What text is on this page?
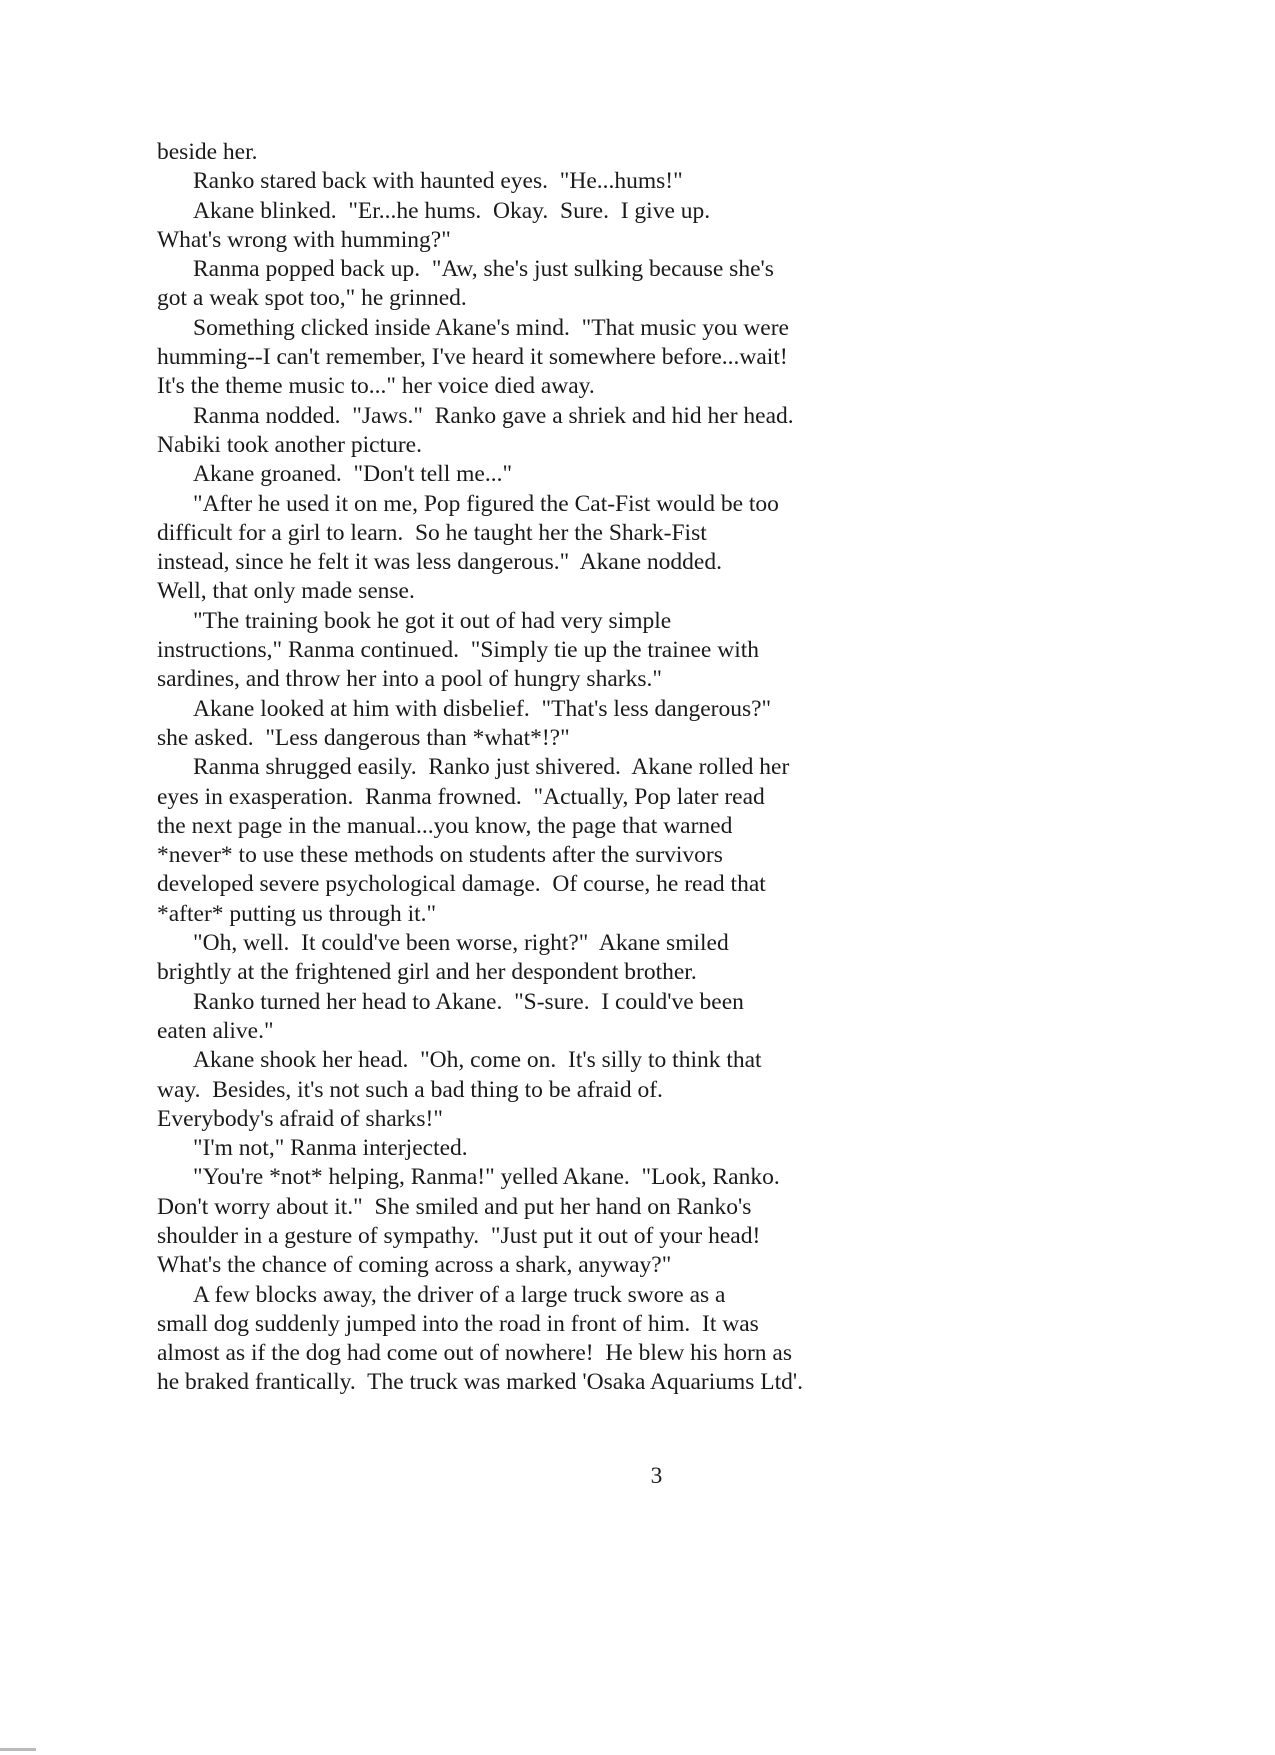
beside her.
Ranko stared back with haunted eyes.  "He...hums!"
Akane blinked.  "Er...he hums.  Okay.  Sure.  I give up.
What's wrong with humming?"
Ranma popped back up.  "Aw, she's just sulking because she's
got a weak spot too," he grinned.
Something clicked inside Akane's mind.  "That music you were
humming--I can't remember, I've heard it somewhere before...wait!
It's the theme music to..." her voice died away.
Ranma nodded.  "Jaws."  Ranko gave a shriek and hid her head.
Nabiki took another picture.
Akane groaned.  "Don't tell me..."
"After he used it on me, Pop figured the Cat-Fist would be too
difficult for a girl to learn.  So he taught her the Shark-Fist
instead, since he felt it was less dangerous."  Akane nodded.
Well, that only made sense.
"The training book he got it out of had very simple
instructions," Ranma continued.  "Simply tie up the trainee with
sardines, and throw her into a pool of hungry sharks."
Akane looked at him with disbelief.  "That's less dangerous?"
she asked.  "Less dangerous than *what*!?"
Ranma shrugged easily.  Ranko just shivered.  Akane rolled her
eyes in exasperation.  Ranma frowned.  "Actually, Pop later read
the next page in the manual...you know, the page that warned
*never* to use these methods on students after the survivors
developed severe psychological damage.  Of course, he read that
*after* putting us through it."
"Oh, well.  It could've been worse, right?"  Akane smiled
brightly at the frightened girl and her despondent brother.
Ranko turned her head to Akane.  "S-sure.  I could've been
eaten alive."
Akane shook her head.  "Oh, come on.  It's silly to think that
way.  Besides, it's not such a bad thing to be afraid of.
Everybody's afraid of sharks!"
"I'm not," Ranma interjected.
"You're *not* helping, Ranma!" yelled Akane.  "Look, Ranko.
Don't worry about it."  She smiled and put her hand on Ranko's
shoulder in a gesture of sympathy.  "Just put it out of your head!
What's the chance of coming across a shark, anyway?"
A few blocks away, the driver of a large truck swore as a
small dog suddenly jumped into the road in front of him.  It was
almost as if the dog had come out of nowhere!  He blew his horn as
he braked frantically.  The truck was marked 'Osaka Aquariums Ltd'.
3
